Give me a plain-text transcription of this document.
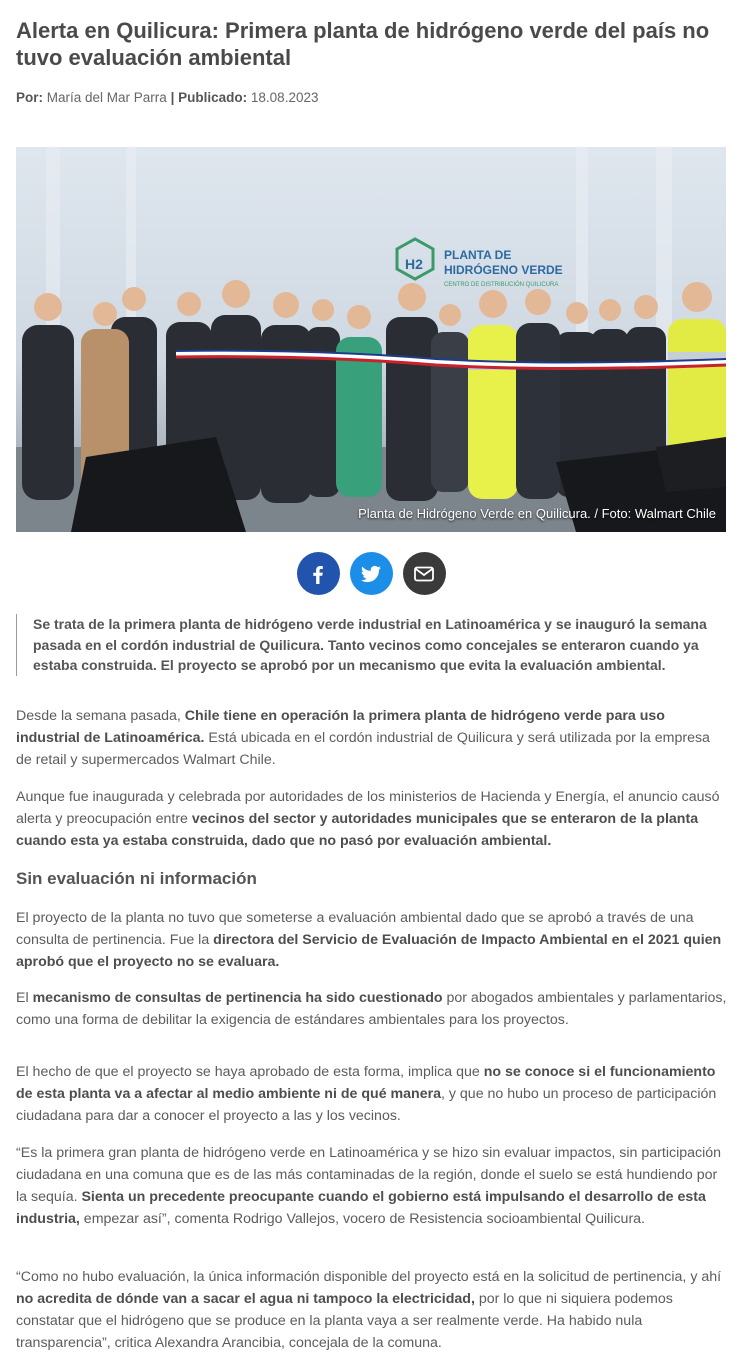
Alerta en Quilicura: Primera planta de hidrógeno verde del país no tuvo evaluación ambiental
Por: María del Mar Parra | Publicado: 18.08.2023
H2
PLANTA DE
HIDRÓGENO VERDE
CENTRO DE DISTRIBUCIÓN QUILICURA
Planta de Hidrógeno Verde en Quilicura. / Foto: Walmart Chile
Se trata de la primera planta de hidrógeno verde industrial en Latinoamérica y se inauguró la semana pasada en el cordón industrial de Quilicura. Tanto vecinos como concejales se enteraron cuando ya estaba construida. El proyecto se aprobó por un mecanismo que evita la evaluación ambiental.

Desde la semana pasada, Chile tiene en operación la primera planta de hidrógeno verde para uso industrial de Latinoamérica. Está ubicada en el cordón industrial de Quilicura y será utilizada por la empresa de retail y supermercados Walmart Chile.

Aunque fue inaugurada y celebrada por autoridades de los ministerios de Hacienda y Energía, el anuncio causó alerta y preocupación entre vecinos del sector y autoridades municipales que se enteraron de la planta cuando esta ya estaba construida, dado que no pasó por evaluación ambiental.

Sin evaluación ni información

El proyecto de la planta no tuvo que someterse a evaluación ambiental dado que se aprobó a través de una consulta de pertinencia. Fue la directora del Servicio de Evaluación de Impacto Ambiental en el 2021 quien aprobó que el proyecto no se evaluara.

El mecanismo de consultas de pertinencia ha sido cuestionado por abogados ambientales y parlamentarios, como una forma de debilitar la exigencia de estándares ambientales para los proyectos.

El hecho de que el proyecto se haya aprobado de esta forma, implica que no se conoce si el funcionamiento de esta planta va a afectar al medio ambiente ni de qué manera, y que no hubo un proceso de participación ciudadana para dar a conocer el proyecto a las y los vecinos.

“Es la primera gran planta de hidrógeno verde en Latinoamérica y se hizo sin evaluar impactos, sin participación ciudadana en una comuna que es de las más contaminadas de la región, donde el suelo se está hundiendo por la sequía. Sienta un precedente preocupante cuando el gobierno está impulsando el desarrollo de esta industria, empezar así”, comenta Rodrigo Vallejos, vocero de Resistencia socioambiental Quilicura.

“Como no hubo evaluación, la única información disponible del proyecto está en la solicitud de pertinencia, y ahí no acredita de dónde van a sacar el agua ni tampoco la electricidad, por lo que ni siquiera podemos constatar que el hidrógeno que se produce en la planta vaya a ser realmente verde. Ha habido nula transparencia”, critica Alexandra Arancibia, concejala de la comuna.
